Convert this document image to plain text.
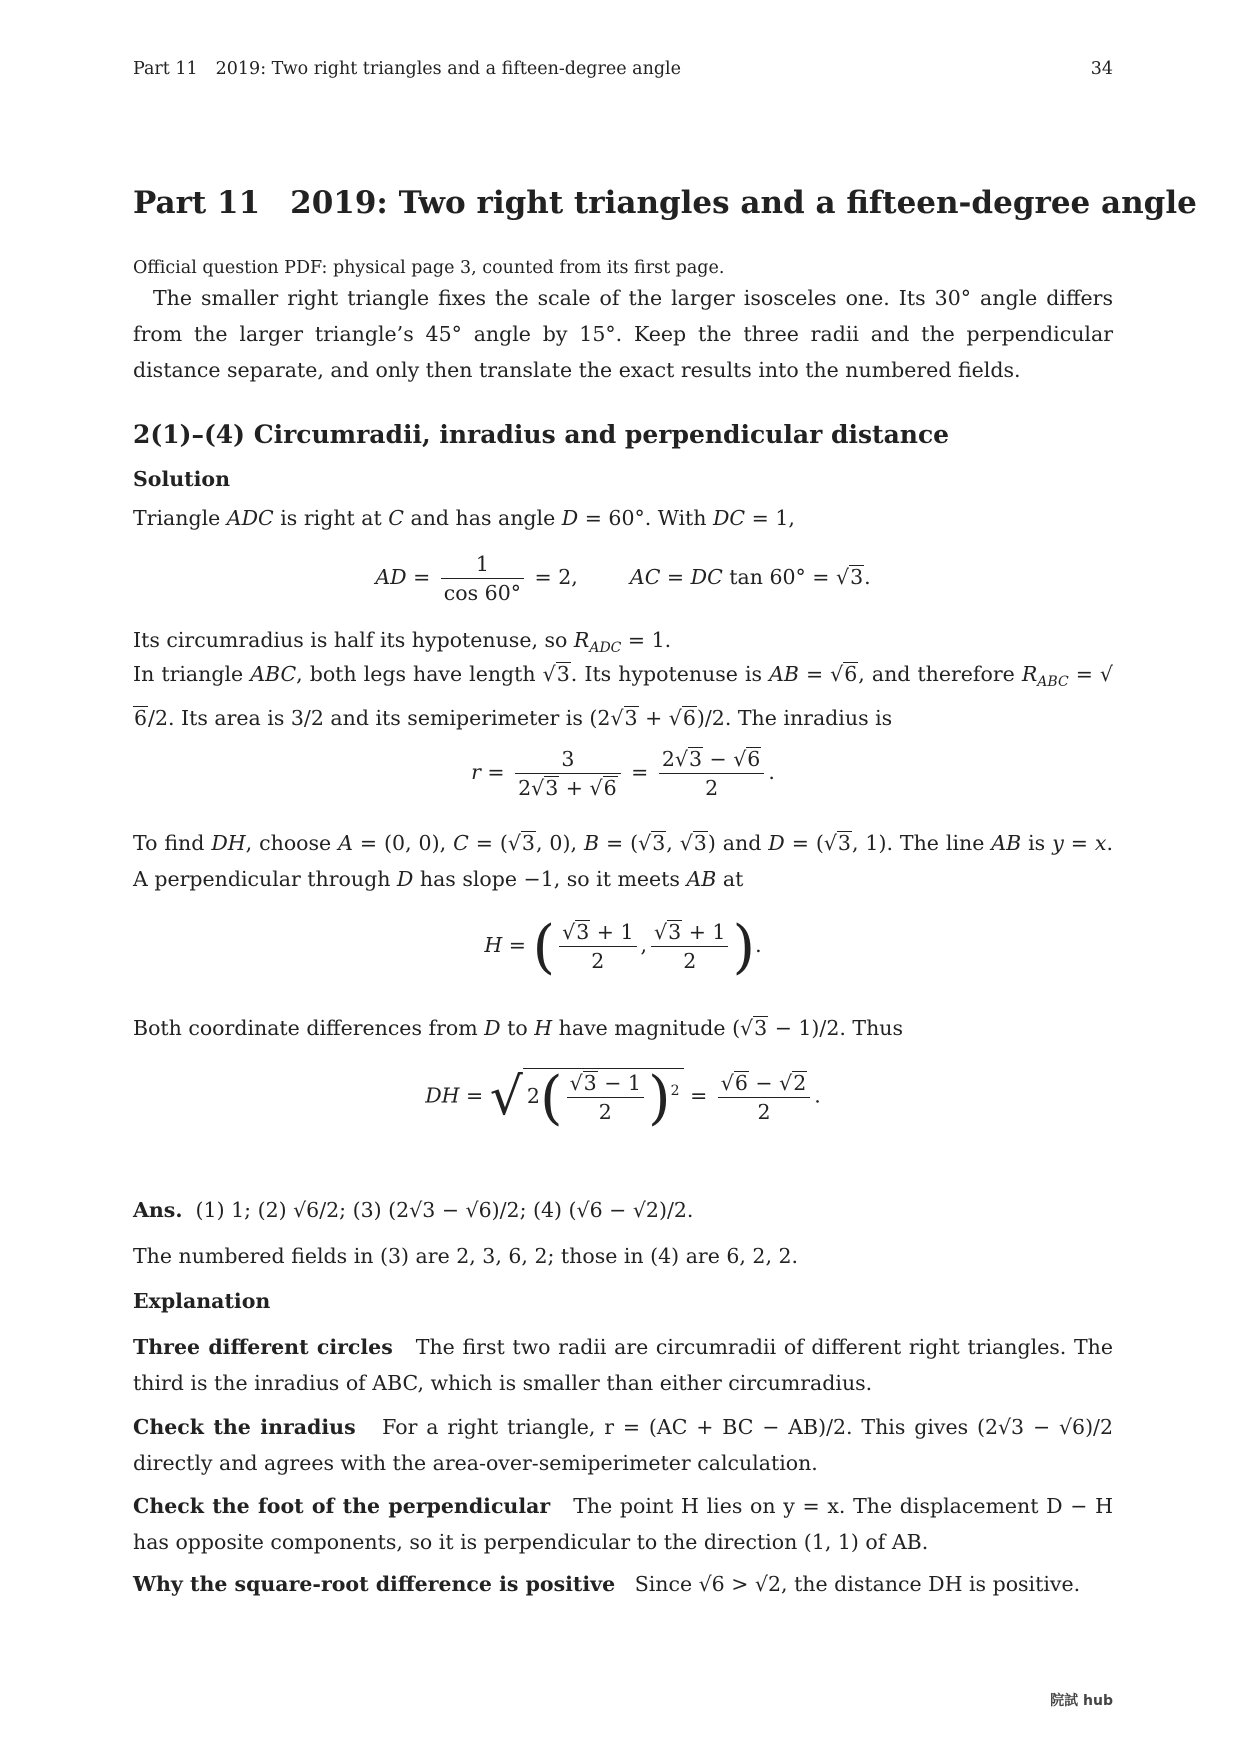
Part 11 2019: Two right triangles and a fifteen-degree angle	34
Part 11 2019: Two right triangles and a fifteen-degree angle

Official question PDF: physical page 3, counted from its first page.

The smaller right triangle fixes the scale of the larger isosceles one. Its 30° angle differs from the larger triangle’s 45° angle by 15°. Keep the three radii and the perpendicular distance separate, and only then translate the exact results into the numbered fields.

2(1)–(4) Circumradii, inradius and perpendicular distance

Solution

Triangle ADC is right at C and has angle D = 60°. With DC = 1,

AD = $\frac{1}{\cos 60^\circ} = 2$,        AC = DC tan 60° = √3.

Its circumradius is half its hypotenuse, so $R_{ADC} = 1$.

In triangle ABC, both legs have length √3. Its hypotenuse is AB = √6, and therefore $R_{ABC} = √6/2$. Its area is 3/2 and its semiperimeter is (2√3 + √6)/2. The inradius is

$r = \frac{3}{2√3 + √6} = \frac{2√3 - √6}{2}$ .

To find DH, choose A = (0, 0), C = (√3, 0), B = (√3, √3) and D = (√3, 1). The line AB is y = x. A perpendicular through D has slope −1, so it meets AB at

H = ( $\frac{√3 + 1}{2}$ , $\frac{√3 + 1}{2}$ ).

Both coordinate differences from D to H have magnitude (√3 − 1)/2. Thus

DH = √ $2( \frac{√3 - 1}{2} )^2 = \frac{√6 - √2}{2}$ .

Ans. (1) 1; (2) √6/2; (3) (2√3 − √6)/2; (4) (√6 − √2)/2.

The numbered fields in (3) are 2, 3, 6, 2; those in (4) are 6, 2, 2.

Explanation

Three different circles The first two radii are circumradii of different right triangles. The third is the inradius of ABC, which is smaller than either circumradius.

Check the inradius For a right triangle, r = (AC + BC − AB)/2. This gives (2√3 − √6)/2 directly and agrees with the area-over-semiperimeter calculation.

Check the foot of the perpendicular The point H lies on y = x. The displacement D − H has opposite components, so it is perpendicular to the direction (1, 1) of AB.

Why the square-root difference is positive Since √6 > √2, the distance DH is positive.

院試 hub
